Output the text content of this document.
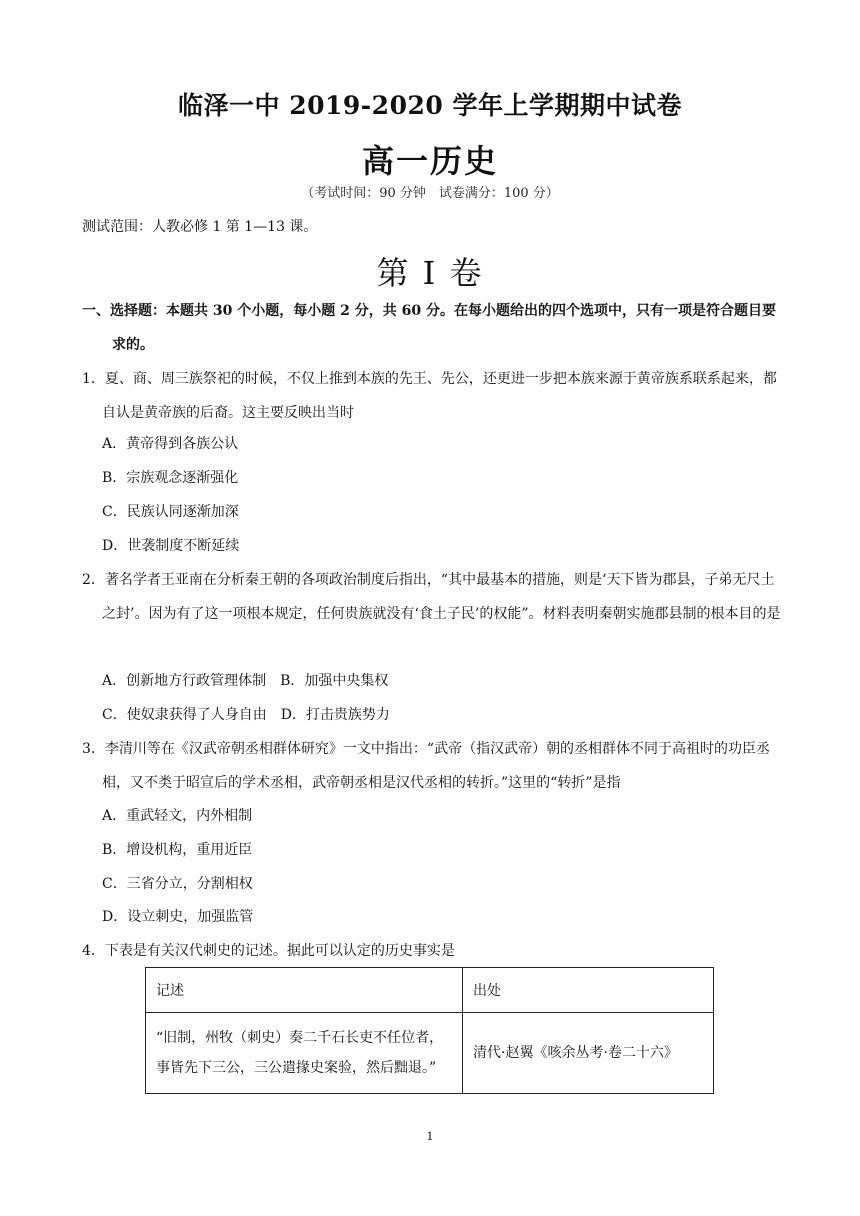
临泽一中 2019-2020 学年上学期期中试卷
高一历史
（考试时间：90 分钟　试卷满分：100 分）
测试范围：人教必修 1 第 1—13 课。
第 I 卷
一、选择题：本题共 30 个小题，每小题 2 分，共 60 分。在每小题给出的四个选项中，只有一项是符合题目要求的。
1．夏、商、周三族祭祀的时候，不仅上推到本族的先王、先公，还更进一步把本族来源于黄帝族系联系起来，都自认是黄帝族的后裔。这主要反映出当时
A．黄帝得到各族公认
B．宗族观念逐渐强化
C．民族认同逐渐加深
D．世袭制度不断延续
2．著名学者王亚南在分析秦王朝的各项政治制度后指出，“其中最基本的措施，则是‘天下皆为郡县，子弟无尺土之封’。因为有了这一项根本规定，任何贵族就没有‘食土子民’的权能”。材料表明秦朝实施郡县制的根本目的是
A．创新地方行政管理体制　B．加强中央集权
C．使奴隶获得了人身自由　D．打击贵族势力
3．李清川等在《汉武帝朝丞相群体研究》一文中指出：“武帝（指汉武帝）朝的丞相群体不同于高祖时的功臣丞相，又不类于昭宣后的学术丞相，武帝朝丞相是汉代丞相的转折。”这里的“转折”是指
A．重武轻文，内外相制
B．增设机构，重用近臣
C．三省分立，分割相权
D．设立刺史，加强监管
4．下表是有关汉代刺史的记述。据此可以认定的历史事实是
记述	出处
“旧制，州牧（刺史）奏二千石长吏不任位者，事皆先下三公，三公遣掾史案验，然后黜退。”	清代·赵翼《咳余丛考·卷二十六》
1
